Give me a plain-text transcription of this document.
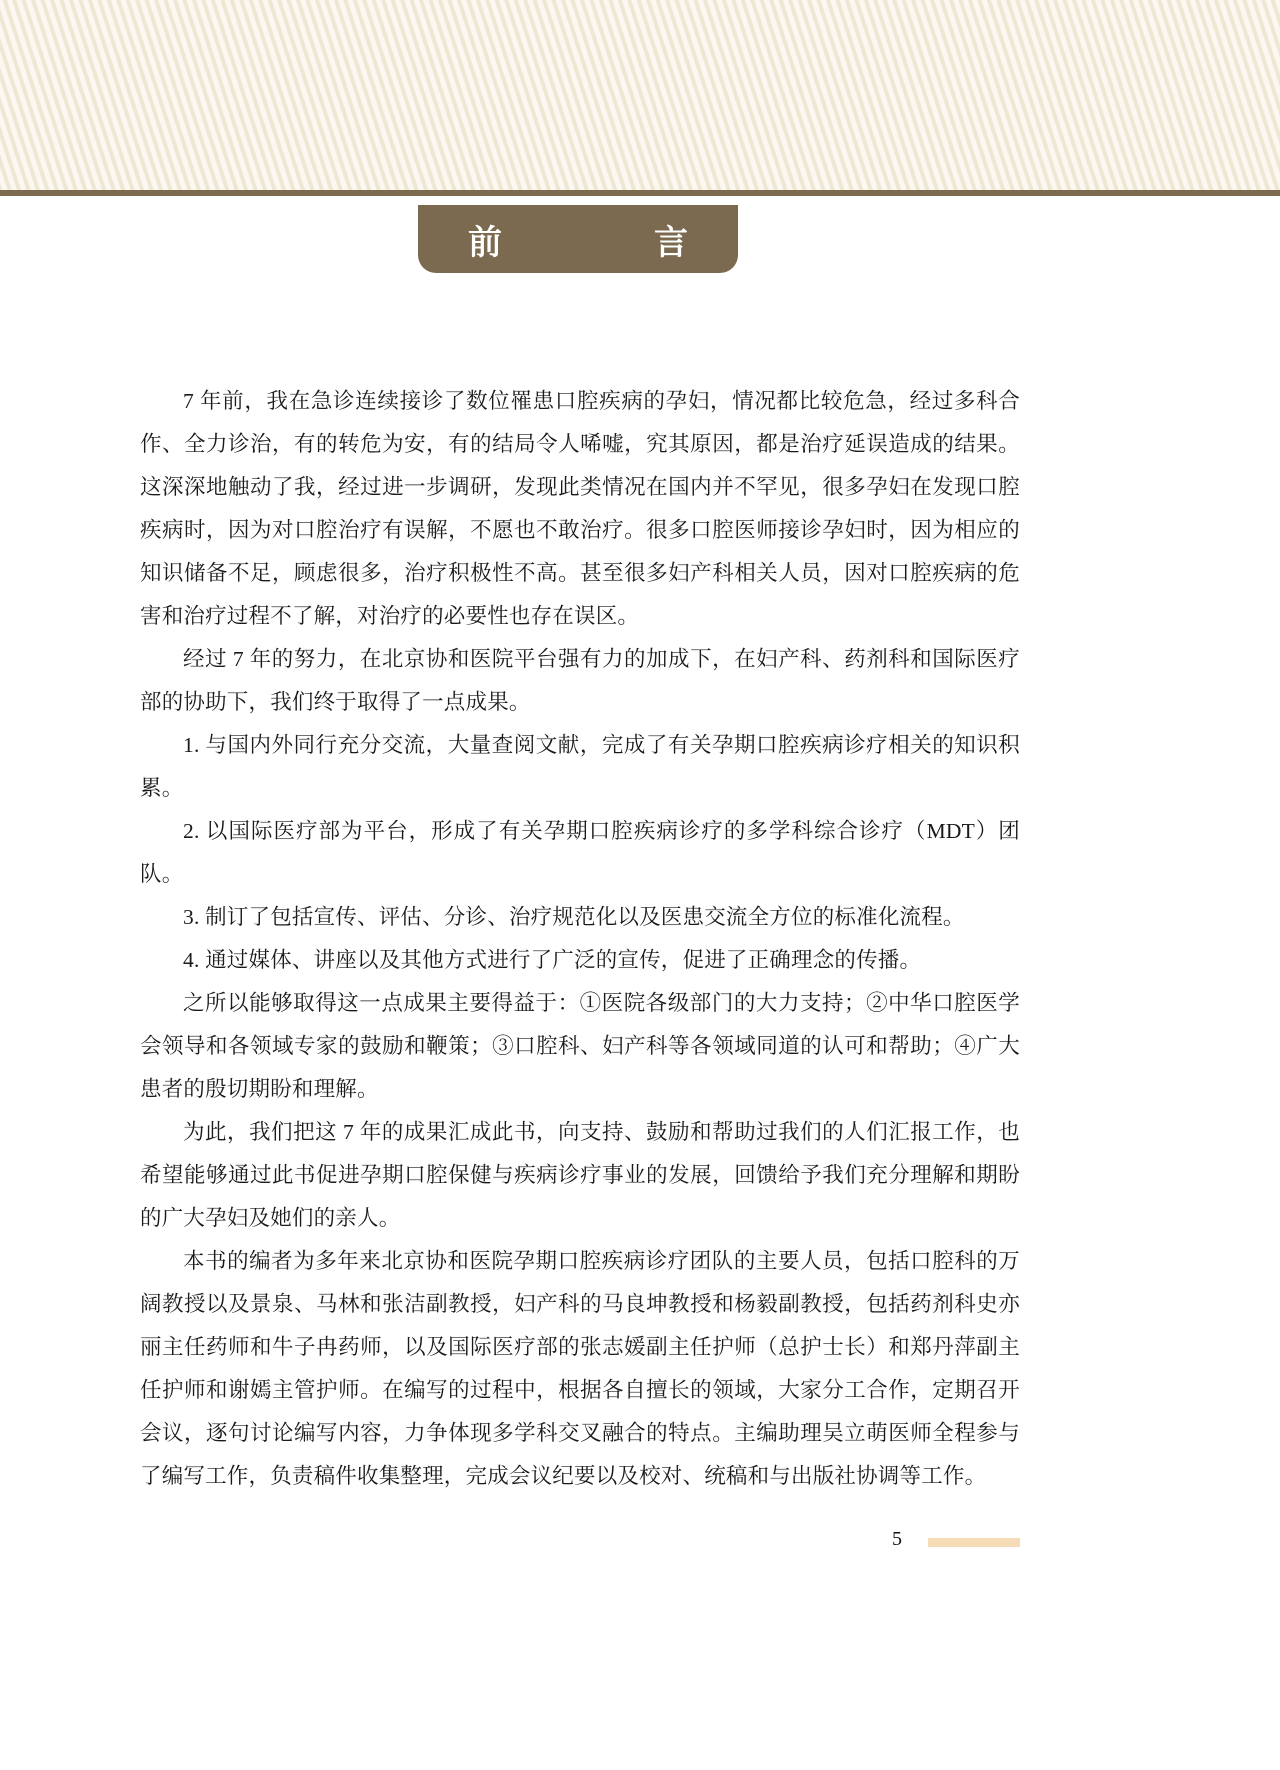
前　　言

7 年前，我在急诊连续接诊了数位罹患口腔疾病的孕妇，情况都比较危急，经过多科合作、全力诊治，有的转危为安，有的结局令人唏嘘，究其原因，都是治疗延误造成的结果。这深深地触动了我，经过进一步调研，发现此类情况在国内并不罕见，很多孕妇在发现口腔疾病时，因为对口腔治疗有误解，不愿也不敢治疗。很多口腔医师接诊孕妇时，因为相应的知识储备不足，顾虑很多，治疗积极性不高。甚至很多妇产科相关人员，因对口腔疾病的危害和治疗过程不了解，对治疗的必要性也存在误区。

经过 7 年的努力，在北京协和医院平台强有力的加成下，在妇产科、药剂科和国际医疗部的协助下，我们终于取得了一点成果。

1. 与国内外同行充分交流，大量查阅文献，完成了有关孕期口腔疾病诊疗相关的知识积累。

2. 以国际医疗部为平台，形成了有关孕期口腔疾病诊疗的多学科综合诊疗（MDT）团队。

3. 制订了包括宣传、评估、分诊、治疗规范化以及医患交流全方位的标准化流程。

4. 通过媒体、讲座以及其他方式进行了广泛的宣传，促进了正确理念的传播。

之所以能够取得这一点成果主要得益于：①医院各级部门的大力支持；②中华口腔医学会领导和各领域专家的鼓励和鞭策；③口腔科、妇产科等各领域同道的认可和帮助；④广大患者的殷切期盼和理解。

为此，我们把这 7 年的成果汇成此书，向支持、鼓励和帮助过我们的人们汇报工作，也希望能够通过此书促进孕期口腔保健与疾病诊疗事业的发展，回馈给予我们充分理解和期盼的广大孕妇及她们的亲人。

本书的编者为多年来北京协和医院孕期口腔疾病诊疗团队的主要人员，包括口腔科的万阔教授以及景泉、马林和张洁副教授，妇产科的马良坤教授和杨毅副教授，包括药剂科史亦丽主任药师和牛子冉药师，以及国际医疗部的张志媛副主任护师（总护士长）和郑丹萍副主任护师和谢嫣主管护师。在编写的过程中，根据各自擅长的领域，大家分工合作，定期召开会议，逐句讨论编写内容，力争体现多学科交叉融合的特点。主编助理吴立萌医师全程参与了编写工作，负责稿件收集整理，完成会议纪要以及校对、统稿和与出版社协调等工作。

5
